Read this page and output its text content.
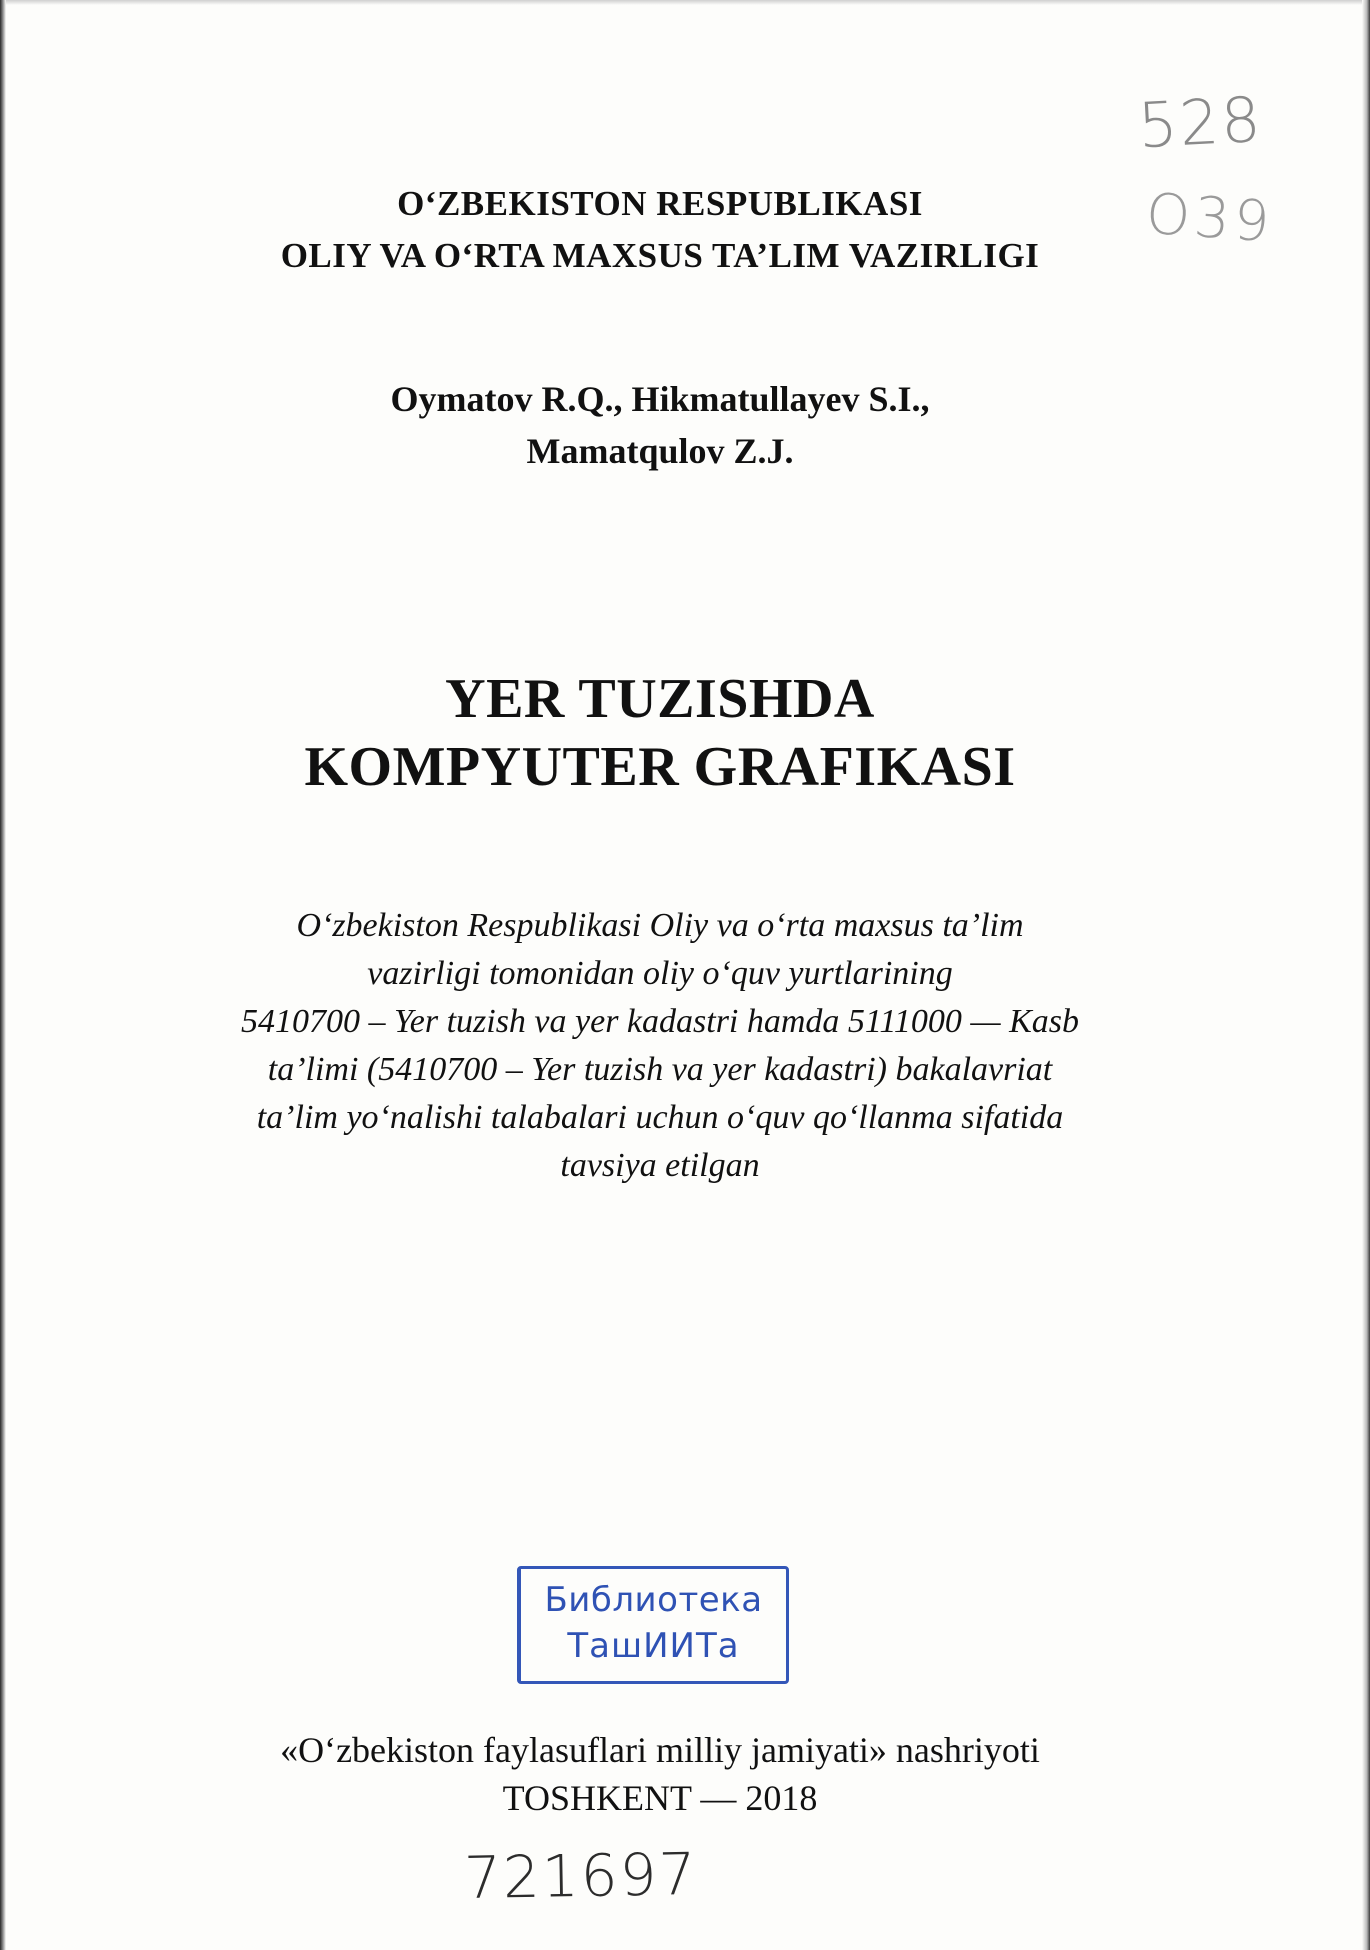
528
O39
O‘ZBEKISTON RESPUBLIKASI
OLIY VA O‘RTA MAXSUS TA’LIM VAZIRLIGI
Oymatov R.Q., Hikmatullayev S.I.,
Mamatqulov Z.J.
YER TUZISHDA
KOMPYUTER GRAFIKASI
O‘zbekiston Respublikasi Oliy va o‘rta maxsus ta’lim
vazirligi tomonidan oliy o‘quv yurtlarining
5410700 – Yer tuzish va yer kadastri hamda 5111000 — Kasb
ta’limi (5410700 – Yer tuzish va yer kadastri) bakalavriat
ta’lim yo‘nalishi talabalari uchun o‘quv qo‘llanma sifatida
tavsiya etilgan
Библиотека
ТашИИТа
«O‘zbekiston faylasuflari milliy jamiyati» nashriyoti
TOSHKENT — 2018
721697
